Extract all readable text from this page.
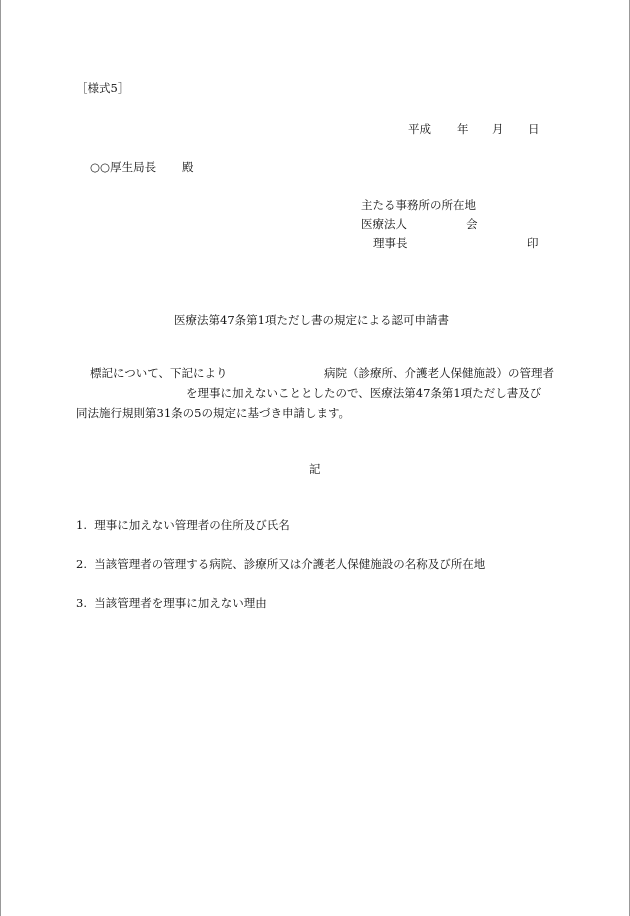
［様式5］
平成 年 月 日
○○厚生局長 殿
主たる事務所の所在地
医療法人	会
理事長	印
医療法第47条第1項ただし書の規定による認可申請書
標記について、下記により	病院（診療所、介護老人保健施設）の管理者
を理事に加えないこととしたので、医療法第47条第1項ただし書及び
同法施行規則第31条の5の規定に基づき申請します。
記
1. 理事に加えない管理者の住所及び氏名
2. 当該管理者の管理する病院、診療所又は介護老人保健施設の名称及び所在地
3. 当該管理者を理事に加えない理由
